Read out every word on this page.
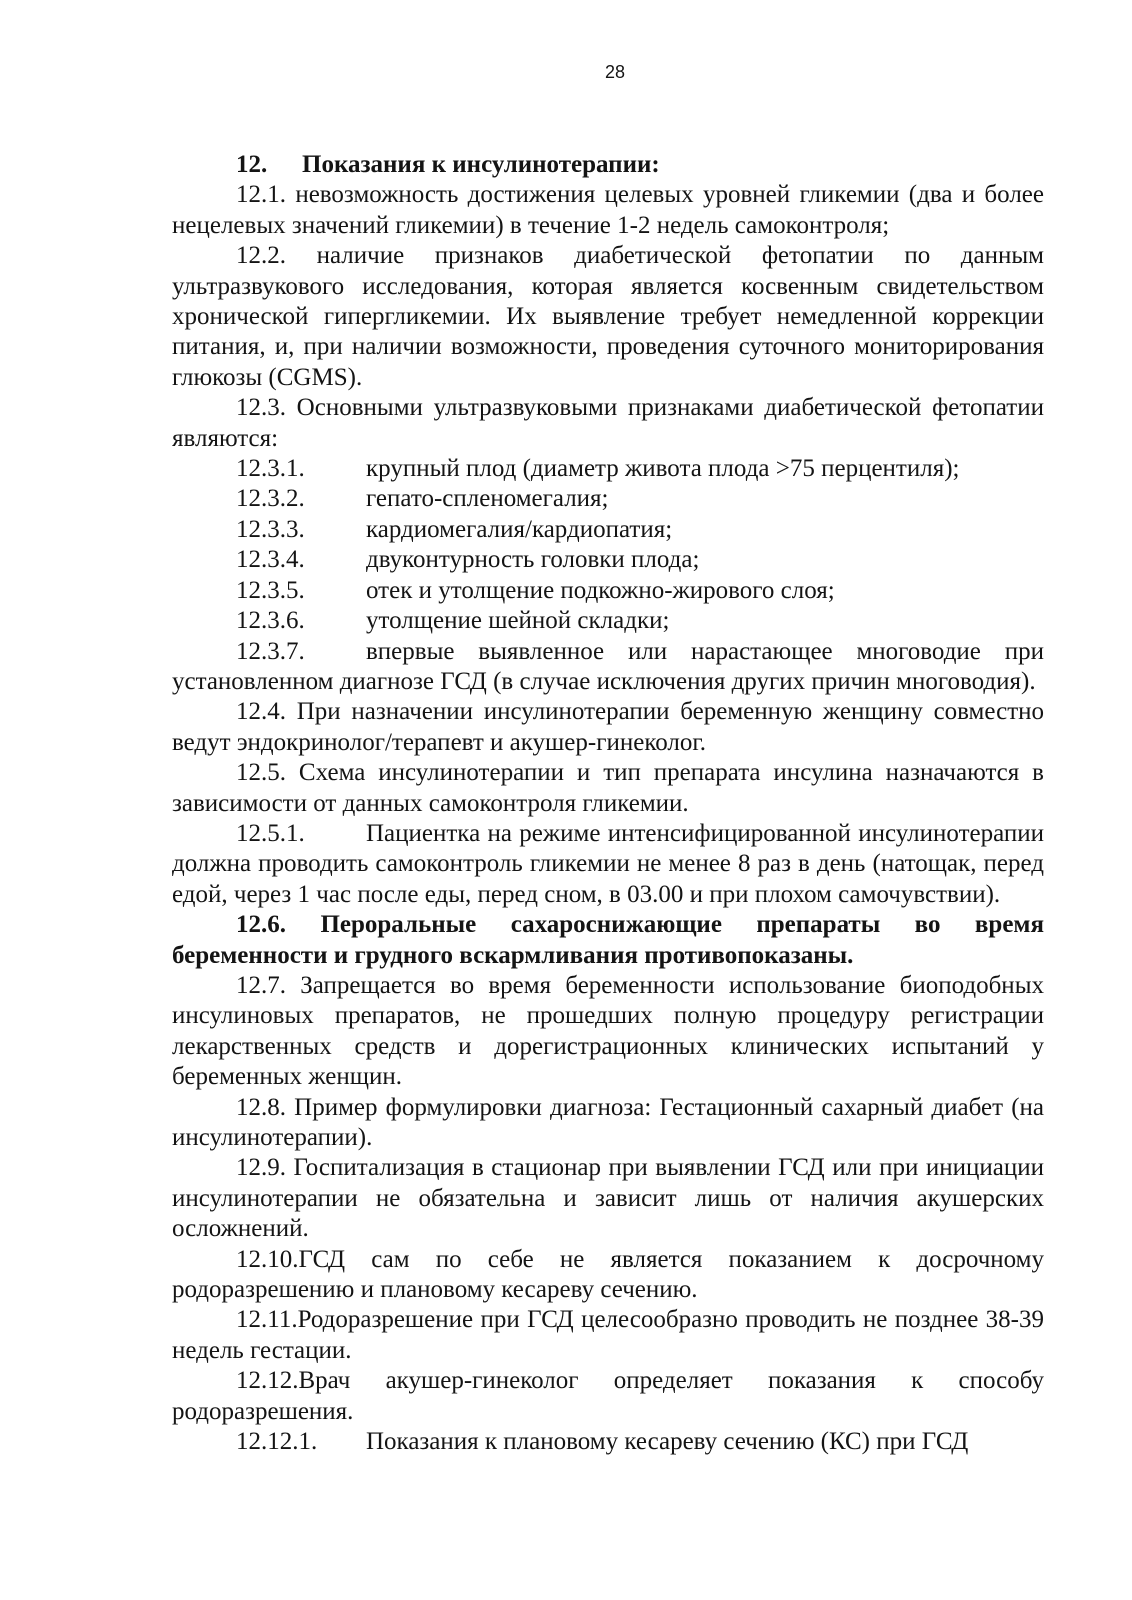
28

12. Показания к инсулинотерапии:

12.1. невозможность достижения целевых уровней гликемии (два и более нецелевых значений гликемии) в течение 1-2 недель самоконтроля;

12.2. наличие признаков диабетической фетопатии по данным ультразвукового исследования, которая является косвенным свидетельством хронической гипергликемии. Их выявление требует немедленной коррекции питания, и, при наличии возможности, проведения суточного мониторирования глюкозы (CGMS).

12.3. Основными ультразвуковыми признаками диабетической фетопатии являются:

12.3.1. крупный плод (диаметр живота плода >75 перцентиля);

12.3.2. гепато-спленомегалия;

12.3.3. кардиомегалия/кардиопатия;

12.3.4. двуконтурность головки плода;

12.3.5. отек и утолщение подкожно-жирового слоя;

12.3.6. утолщение шейной складки;

12.3.7. впервые выявленное или нарастающее многоводие при установленном диагнозе ГСД (в случае исключения других причин многоводия).

12.4. При назначении инсулинотерапии беременную женщину совместно ведут эндокринолог/терапевт и акушер-гинеколог.

12.5. Схема инсулинотерапии и тип препарата инсулина назначаются в зависимости от данных самоконтроля гликемии.

12.5.1. Пациентка на режиме интенсифицированной инсулинотерапии должна проводить самоконтроль гликемии не менее 8 раз в день (натощак, перед едой, через 1 час после еды, перед сном, в 03.00 и при плохом самочувствии).

12.6. Пероральные сахароснижающие препараты во время беременности и грудного вскармливания противопоказаны.

12.7. Запрещается во время беременности использование биоподобных инсулиновых препаратов, не прошедших полную процедуру регистрации лекарственных средств и дорегистрационных клинических испытаний у беременных женщин.

12.8. Пример формулировки диагноза: Гестационный сахарный диабет (на инсулинотерапии).

12.9. Госпитализация в стационар при выявлении ГСД или при инициации инсулинотерапии не обязательна и зависит лишь от наличия акушерских осложнений.

12.10.ГСД сам по себе не является показанием к досрочному родоразрешению и плановому кесареву сечению.

12.11.Родоразрешение при ГСД целесообразно проводить не позднее 38-39 недель гестации.

12.12.Врач акушер-гинеколог определяет показания к способу родоразрешения.

12.12.1. Показания к плановому кесареву сечению (КС) при ГСД
